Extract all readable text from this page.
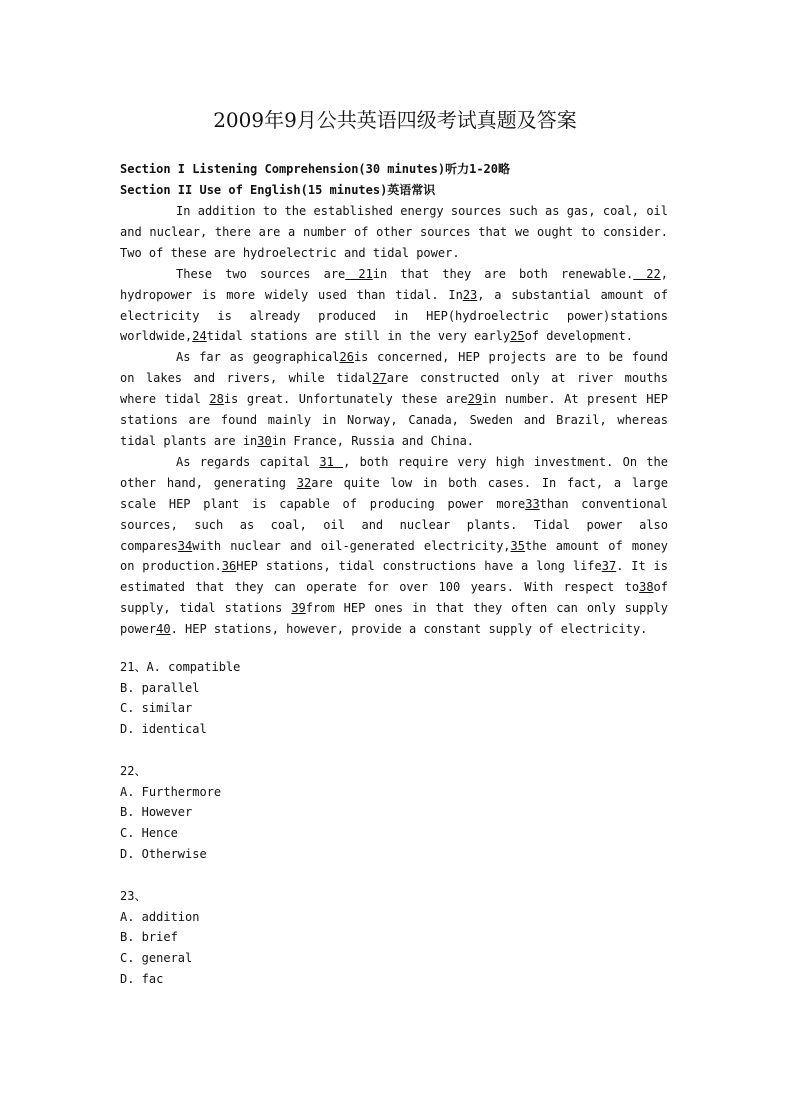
2009年9月公共英语四级考试真题及答案
Section I Listening Comprehension(30 minutes)听力1-20略
Section II Use of English(15 minutes)英语常识

In addition to the established energy sources such as gas, coal, oil and nuclear, there are a number of other sources that we ought to consider. Two of these are hydroelectric and tidal power.

These two sources are 21in that they are both renewable. 22, hydropower is more widely used than tidal. In23, a substantial amount of electricity is already produced in HEP(hydroelectric power)stations worldwide,24tidal stations are still in the very early25of development.

As far as geographical26is concerned, HEP projects are to be found on lakes and rivers, while tidal27are constructed only at river mouths where tidal 28is great. Unfortunately these are29in number. At present HEP stations are found mainly in Norway, Canada, Sweden and Brazil, whereas tidal plants are in30in France, Russia and China.

As regards capital 31 , both require very high investment. On the other hand, generating 32are quite low in both cases. In fact, a large scale HEP plant is capable of producing power more33than conventional sources, such as coal, oil and nuclear plants. Tidal power also compares34with nuclear and oil-generated electricity,35the amount of money on production.36HEP stations, tidal constructions have a long life37. It is estimated that they can operate for over 100 years. With respect to38of supply, tidal stations 39from HEP ones in that they often can only supply power40. HEP stations, however, provide a constant supply of electricity.

21、A. compatible
B. parallel
C. similar
D. identical
22、
A. Furthermore
B. However
C. Hence
D. Otherwise
23、
A. addition
B. brief
C. general
D. fac
